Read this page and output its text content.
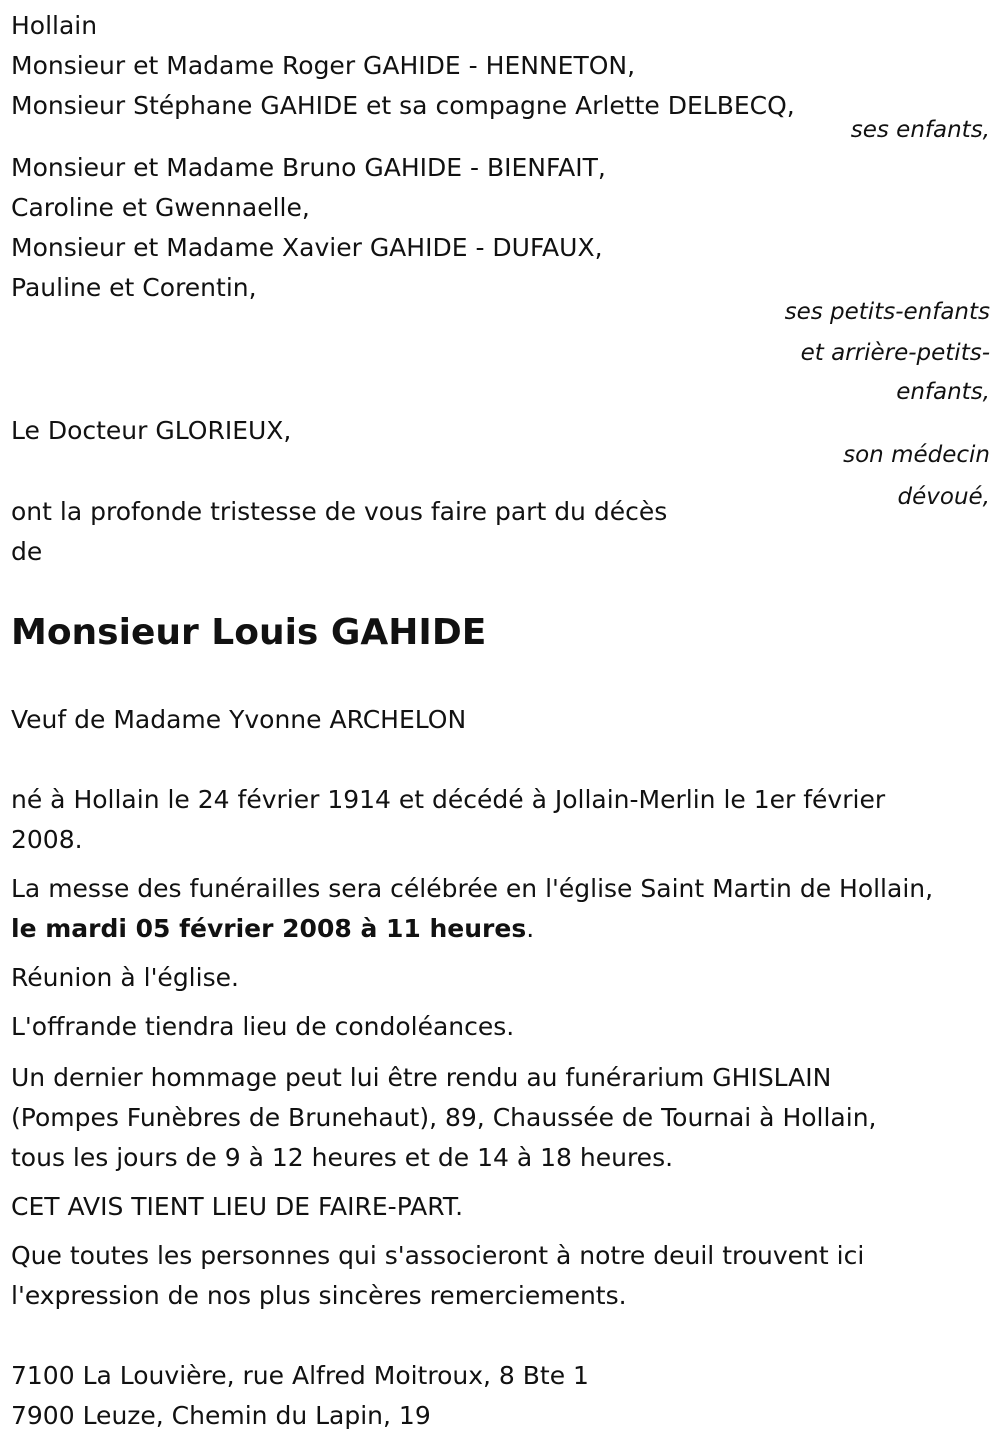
Hollain
Monsieur et Madame Roger GAHIDE - HENNETON,
Monsieur Stéphane GAHIDE et sa compagne Arlette DELBECQ,
ses enfants,
Monsieur et Madame Bruno GAHIDE - BIENFAIT,
Caroline et Gwennaelle,
Monsieur et Madame Xavier GAHIDE - DUFAUX,
Pauline et Corentin,
ses petits-enfants
et arrière-petits-
enfants,
Le Docteur GLORIEUX,
son médecin
dévoué,
ont la profonde tristesse de vous faire part du décès
de
Monsieur Louis GAHIDE
Veuf de Madame Yvonne ARCHELON
né à Hollain le 24 février 1914 et décédé à Jollain-Merlin le 1er février
2008.
La messe des funérailles sera célébrée en l'église Saint Martin de Hollain,
le mardi 05 février 2008 à 11 heures.
Réunion à l'église.
L'offrande tiendra lieu de condoléances.
Un dernier hommage peut lui être rendu au funérarium GHISLAIN
(Pompes Funèbres de Brunehaut), 89, Chaussée de Tournai à Hollain,
tous les jours de 9 à 12 heures et de 14 à 18 heures.
CET AVIS TIENT LIEU DE FAIRE-PART.
Que toutes les personnes qui s'associeront à notre deuil trouvent ici
l'expression de nos plus sincères remerciements.
7100 La Louvière, rue Alfred Moitroux, 8 Bte 1
7900 Leuze, Chemin du Lapin, 19
